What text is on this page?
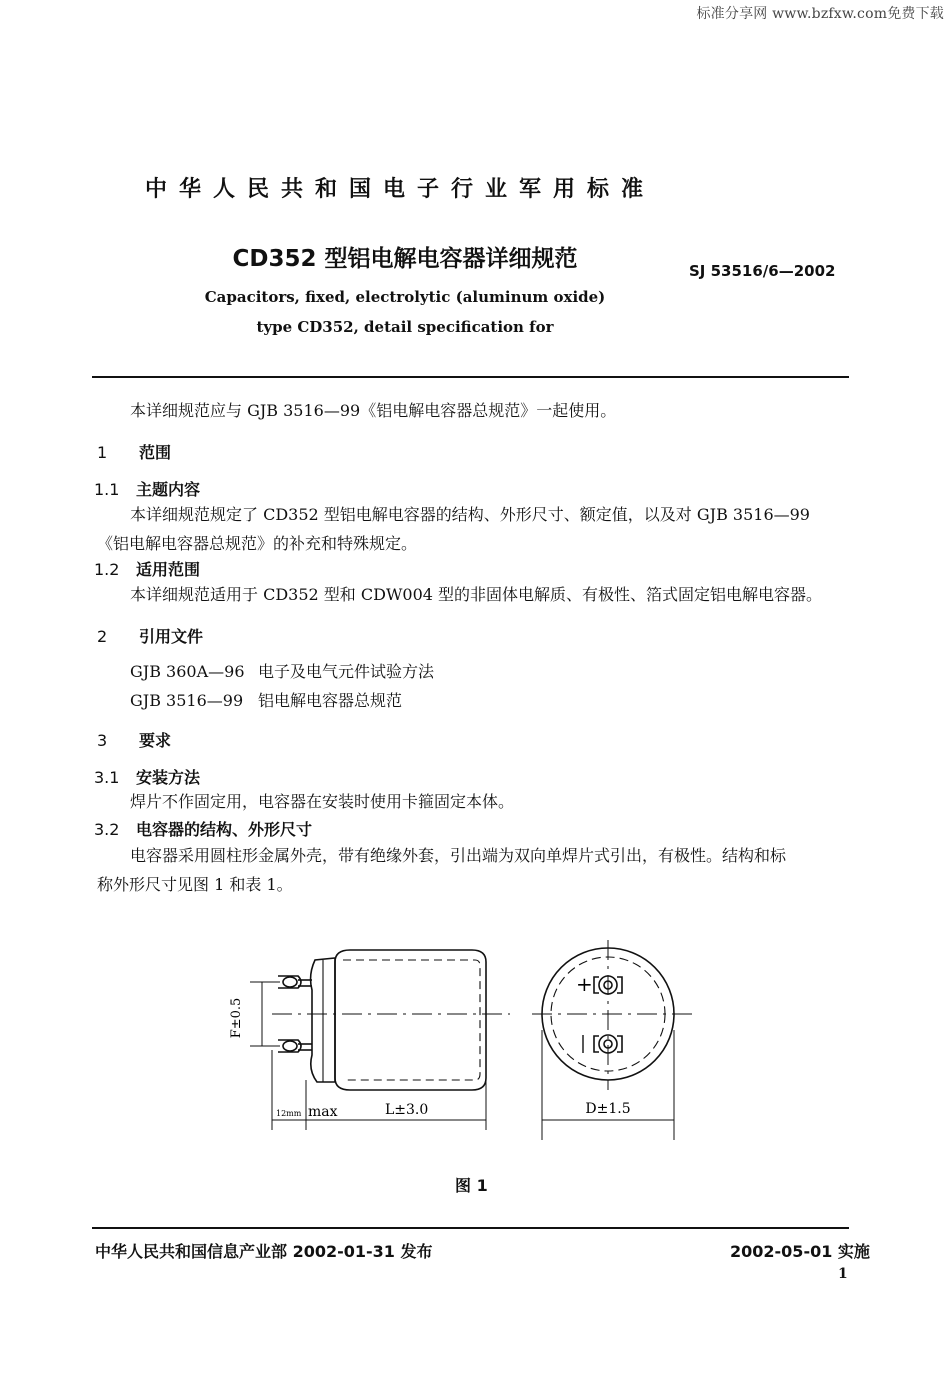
标准分享网 www.bzfxw.com免费下载
中华人民共和国电子行业军用标准
CD352 型铝电解电容器详细规范	SJ 53516/6—2002
Capacitors, fixed, electrolytic (aluminum oxide)
type CD352, detail specification for
本详细规范应与 GJB 3516—99《铝电解电容器总规范》一起使用。
1 范围
1.1 主题内容
本详细规范规定了 CD352 型铝电解电容器的结构、外形尺寸、额定值，以及对 GJB 3516—99
《铝电解电容器总规范》的补充和特殊规定。
1.2 适用范围
本详细规范适用于 CD352 型和 CDW004 型的非固体电解质、有极性、箔式固定铝电解电容器。
2 引用文件
GJB 360A—96 电子及电气元件试验方法
GJB 3516—99 铝电解电容器总规范
3 要求
3.1 安装方法
焊片不作固定用，电容器在安装时使用卡箍固定本体。
3.2 电容器的结构、外形尺寸
电容器采用圆柱形金属外壳，带有绝缘外套，引出端为双向单焊片式引出，有极性。结构和标
称外形尺寸见图 1 和表 1。
F±0.5
12mm max	L±3.0
+
D±1.5
图 1
中华人民共和国信息产业部 2002-01-31 发布	2002-05-01 实施
1
